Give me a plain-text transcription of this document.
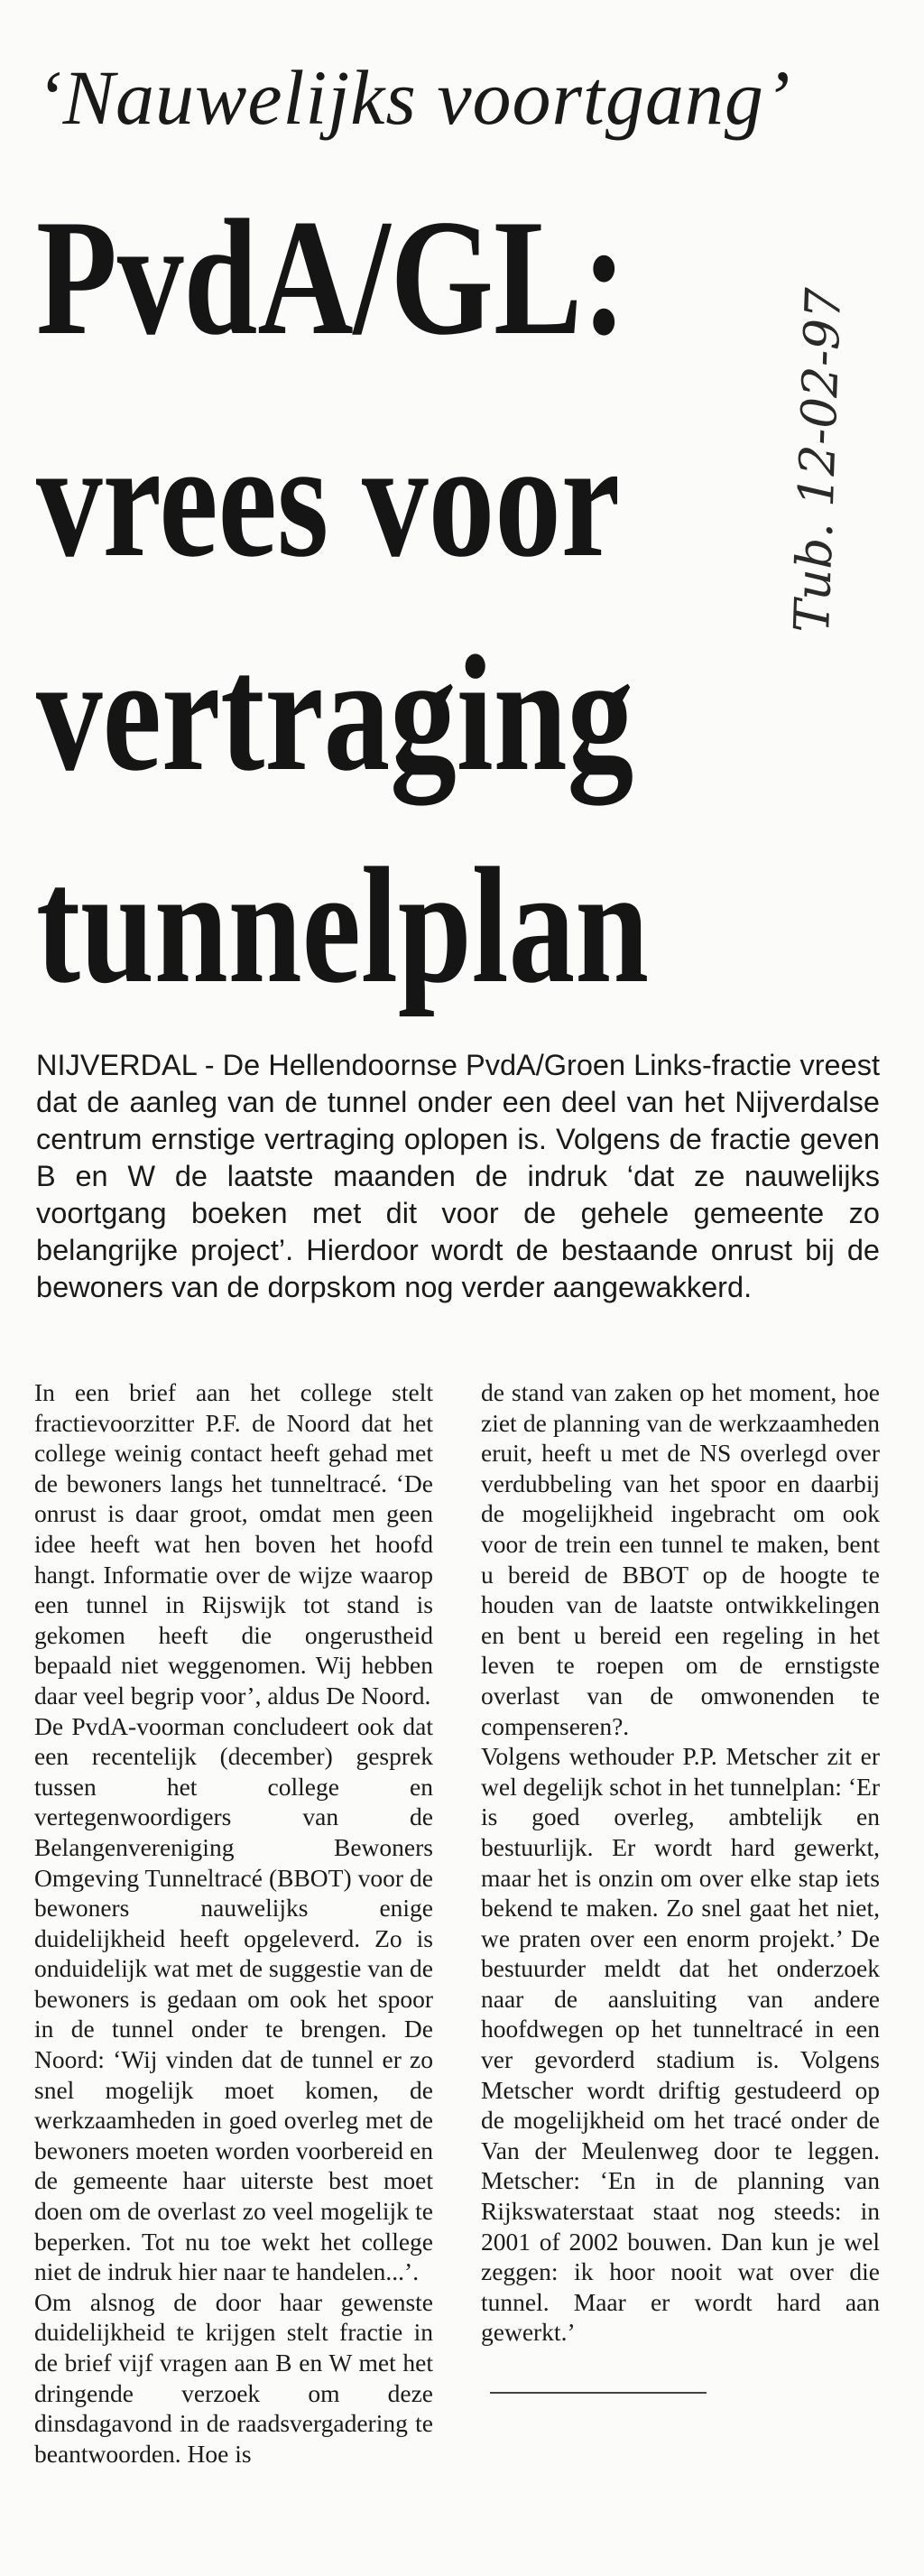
‘Nauwelijks voortgang’
PvdA/GL:
vrees voor
vertraging
tunnelplan
Tub. 12-02-97
NIJVERDAL - De Hellendoornse PvdA/Groen Links-fractie vreest dat de aanleg van de tunnel onder een deel van het Nijverdalse centrum ernstige vertraging oplopen is. Volgens de fractie geven B en W de laatste maanden de indruk ‘dat ze nauwelijks voortgang boeken met dit voor de gehele gemeente zo belangrijke project’. Hierdoor wordt de bestaande onrust bij de bewoners van de dorpskom nog verder aangewakkerd.

In een brief aan het college stelt fractievoorzitter P.F. de Noord dat het college weinig contact heeft gehad met de bewoners langs het tunneltracé. ‘De onrust is daar groot, omdat men geen idee heeft wat hen boven het hoofd hangt. Informatie over de wijze waarop een tunnel in Rijswijk tot stand is gekomen heeft die ongerustheid bepaald niet weggenomen. Wij hebben daar veel begrip voor’, aldus De Noord.

De PvdA-voorman concludeert ook dat een recentelijk (december) gesprek tussen het college en vertegenwoordigers van de Belangenvereniging Bewoners Omgeving Tunneltracé (BBOT) voor de bewoners nauwelijks enige duidelijkheid heeft opgeleverd. Zo is onduidelijk wat met de suggestie van de bewoners is gedaan om ook het spoor in de tunnel onder te brengen. De Noord: ‘Wij vinden dat de tunnel er zo snel mogelijk moet komen, de werkzaamheden in goed overleg met de bewoners moeten worden voorbereid en de gemeente haar uiterste best moet doen om de overlast zo veel mogelijk te beperken. Tot nu toe wekt het college niet de indruk hier naar te handelen...’.

Om alsnog de door haar gewenste duidelijkheid te krijgen stelt fractie in de brief vijf vragen aan B en W met het dringende verzoek om deze dinsdagavond in de raadsvergadering te beantwoorden. Hoe is

de stand van zaken op het moment, hoe ziet de planning van de werkzaamheden eruit, heeft u met de NS overlegd over verdubbeling van het spoor en daarbij de mogelijkheid ingebracht om ook voor de trein een tunnel te maken, bent u bereid de BBOT op de hoogte te houden van de laatste ontwikkelingen en bent u bereid een regeling in het leven te roepen om de ernstigste overlast van de omwonenden te compenseren?.

Volgens wethouder P.P. Metscher zit er wel degelijk schot in het tunnelplan: ‘Er is goed overleg, ambtelijk en bestuurlijk. Er wordt hard gewerkt, maar het is onzin om over elke stap iets bekend te maken. Zo snel gaat het niet, we praten over een enorm projekt.’ De bestuurder meldt dat het onderzoek naar de aansluiting van andere hoofdwegen op het tunneltracé in een ver gevorderd stadium is. Volgens Metscher wordt driftig gestudeerd op de mogelijkheid om het tracé onder de Van der Meulenweg door te leggen. Metscher: ‘En in de planning van Rijkswaterstaat staat nog steeds: in 2001 of 2002 bouwen. Dan kun je wel zeggen: ik hoor nooit wat over die tunnel. Maar er wordt hard aan gewerkt.’
